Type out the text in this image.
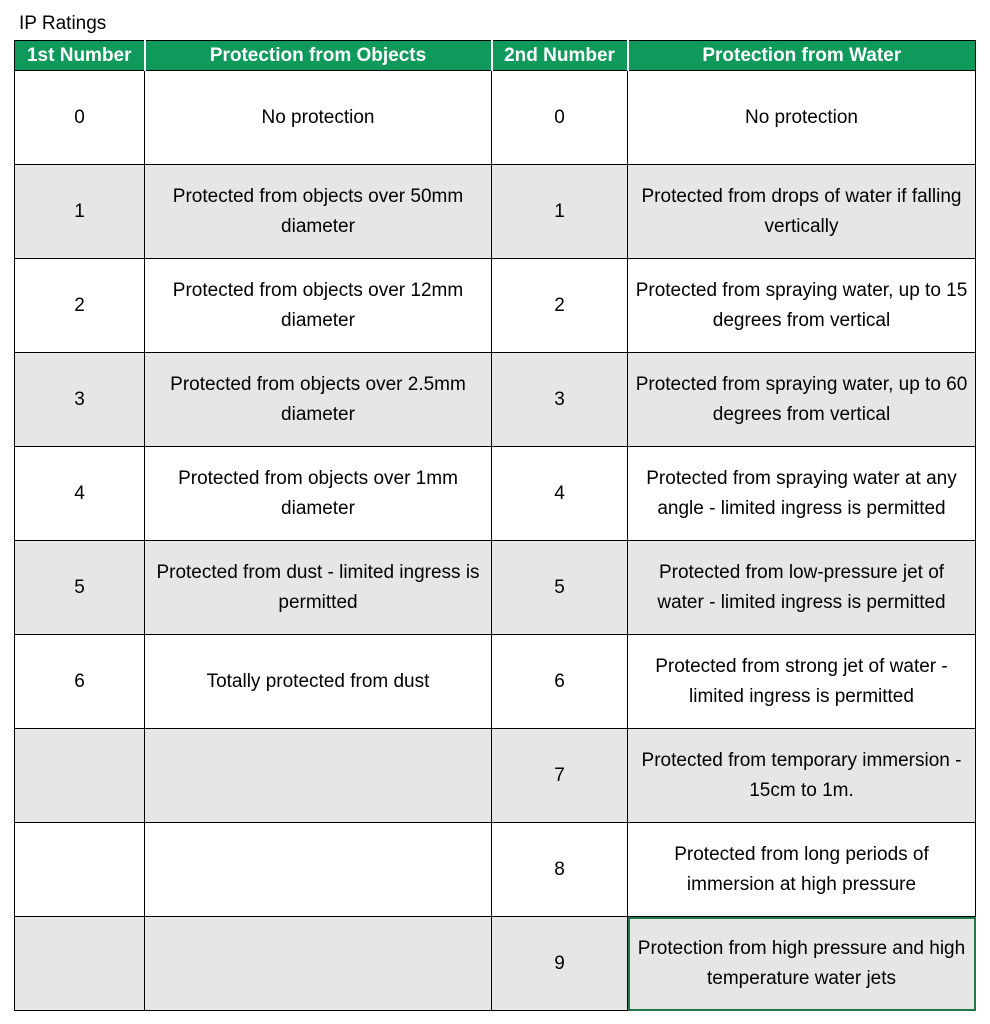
IP Ratings
1st Number	Protection from Objects	2nd Number	Protection from Water
0	No protection	0	No protection
1	Protected from objects over 50mm diameter	1	Protected from drops of water if falling vertically
2	Protected from objects over 12mm diameter	2	Protected from spraying water, up to 15 degrees from vertical
3	Protected from objects over 2.5mm diameter	3	Protected from spraying water, up to 60 degrees from vertical
4	Protected from objects over 1mm diameter	4	Protected from spraying water at any angle - limited ingress is permitted
5	Protected from dust - limited ingress is permitted	5	Protected from low-pressure jet of water - limited ingress is permitted
6	Totally protected from dust	6	Protected from strong jet of water - limited ingress is permitted
		7	Protected from temporary immersion - 15cm to 1m.
		8	Protected from long periods of immersion at high pressure
		9	Protection from high pressure and high temperature water jets
